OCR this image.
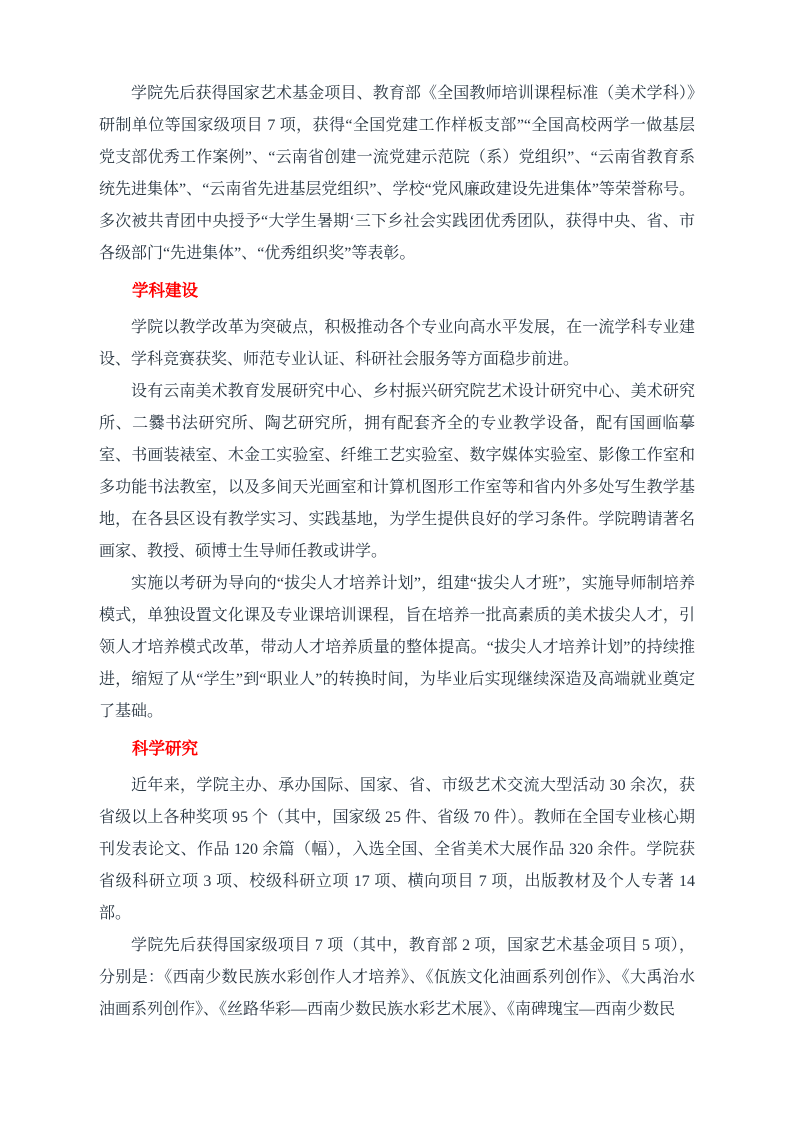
学院先后获得国家艺术基金项目、教育部《全国教师培训课程标准（美术学科）》研制单位等国家级项目 7 项，获得“全国党建工作样板支部”“全国高校两学一做基层党支部优秀工作案例”、“云南省创建一流党建示范院（系）党组织”、“云南省教育系统先进集体”、“云南省先进基层党组织”、学校“党风廉政建设先进集体”等荣誉称号。多次被共青团中央授予“大学生暑期‘三下乡社会实践团优秀团队，获得中央、省、市各级部门“先进集体”、“优秀组织奖”等表彰。

学科建设

学院以教学改革为突破点，积极推动各个专业向高水平发展，在一流学科专业建设、学科竞赛获奖、师范专业认证、科研社会服务等方面稳步前进。

设有云南美术教育发展研究中心、乡村振兴研究院艺术设计研究中心、美术研究所、二爨书法研究所、陶艺研究所，拥有配套齐全的专业教学设备，配有国画临摹室、书画装裱室、木金工实验室、纤维工艺实验室、数字媒体实验室、影像工作室和多功能书法教室，以及多间天光画室和计算机图形工作室等和省内外多处写生教学基地，在各县区设有教学实习、实践基地，为学生提供良好的学习条件。学院聘请著名画家、教授、硕博士生导师任教或讲学。

实施以考研为导向的“拔尖人才培养计划”，组建“拔尖人才班”，实施导师制培养模式，单独设置文化课及专业课培训课程，旨在培养一批高素质的美术拔尖人才，引领人才培养模式改革，带动人才培养质量的整体提高。“拔尖人才培养计划”的持续推进，缩短了从“学生”到“职业人”的转换时间，为毕业后实现继续深造及高端就业奠定了基础。

科学研究

近年来，学院主办、承办国际、国家、省、市级艺术交流大型活动 30 余次，获省级以上各种奖项 95 个（其中，国家级 25 件、省级 70 件）。教师在全国专业核心期刊发表论文、作品 120 余篇（幅），入选全国、全省美术大展作品 320 余件。学院获省级科研立项 3 项、校级科研立项 17 项、横向项目 7 项，出版教材及个人专著 14 部。

学院先后获得国家级项目 7 项（其中，教育部 2 项，国家艺术基金项目 5 项），分别是：《西南少数民族水彩创作人才培养》、《佤族文化油画系列创作》、《大禹治水油画系列创作》、《丝路华彩—西南少数民族水彩艺术展》、《南碑瑰宝—西南少数民
